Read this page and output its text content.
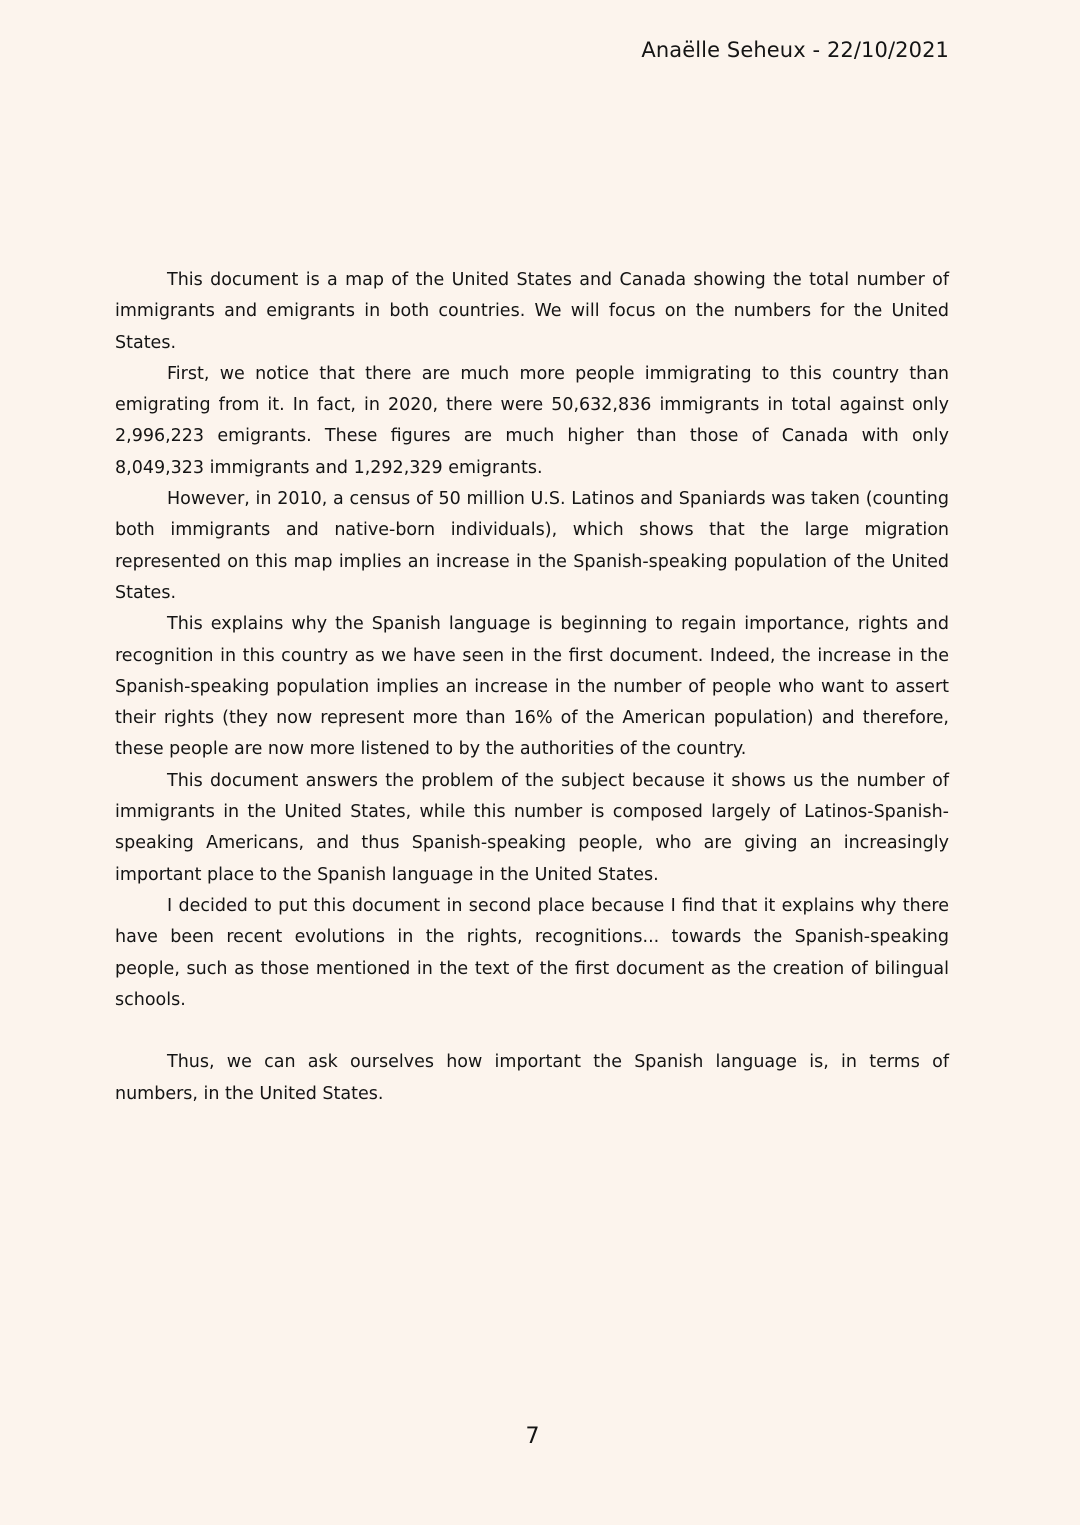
Anaëlle Seheux - 22/10/2021

This document is a map of the United States and Canada showing the total number of immigrants and emigrants in both countries. We will focus on the numbers for the United States.

First, we notice that there are much more people immigrating to this country than emigrating from it. In fact, in 2020, there were 50,632,836 immigrants in total against only 2,996,223 emigrants. These figures are much higher than those of Canada with only 8,049,323 immigrants and 1,292,329 emigrants.

However, in 2010, a census of 50 million U.S. Latinos and Spaniards was taken (counting both immigrants and native-born individuals), which shows that the large migration represented on this map implies an increase in the Spanish-speaking population of the United States.

This explains why the Spanish language is beginning to regain importance, rights and recognition in this country as we have seen in the first document. Indeed, the increase in the Spanish-speaking population implies an increase in the number of people who want to assert their rights (they now represent more than 16% of the American population) and therefore, these people are now more listened to by the authorities of the country.

This document answers the problem of the subject because it shows us the number of immigrants in the United States, while this number is composed largely of Latinos-Spanish-speaking Americans, and thus Spanish-speaking people, who are giving an increasingly important place to the Spanish language in the United States.

I decided to put this document in second place because I find that it explains why there have been recent evolutions in the rights, recognitions... towards the Spanish-speaking people, such as those mentioned in the text of the first document as the creation of bilingual schools.

Thus, we can ask ourselves how important the Spanish language is, in terms of numbers, in the United States.

7
